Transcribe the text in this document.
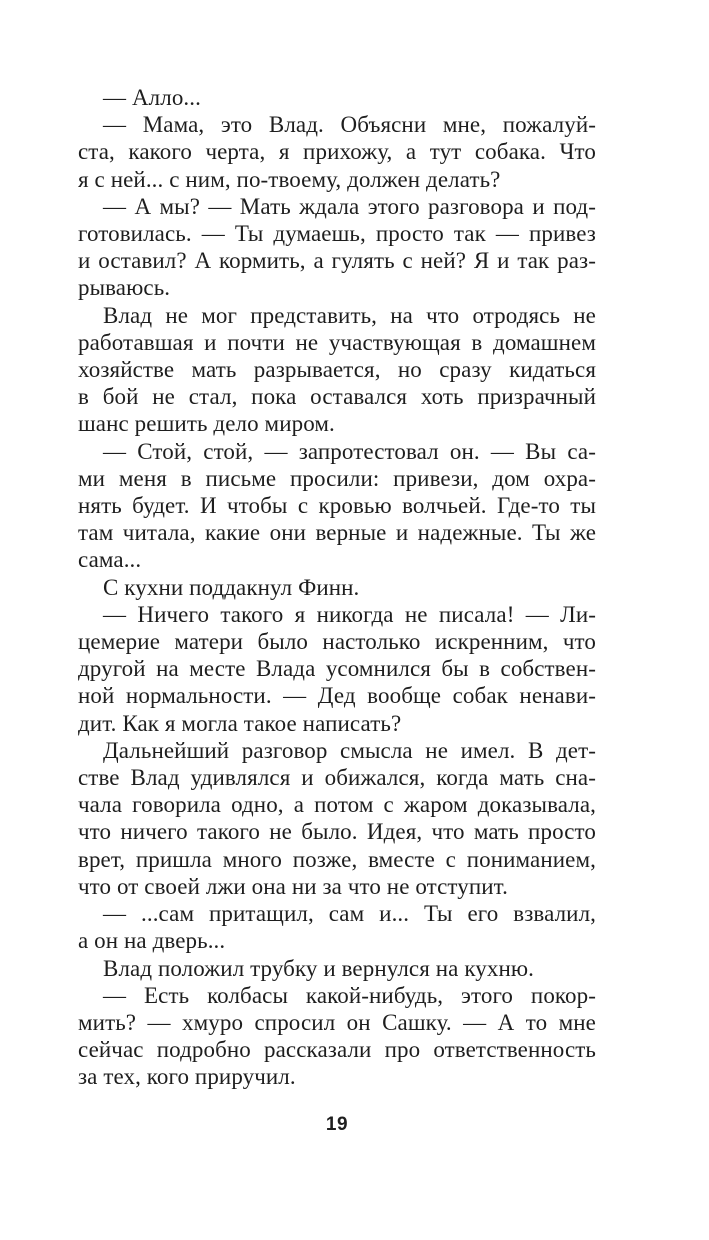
— Алло...

— Мама, это Влад. Объясни мне, пожалуй-
ста, какого черта, я прихожу, а тут собака. Что
я с ней... с ним, по-твоему, должен делать?

— А мы? — Мать ждала этого разговора и под-
готовилась. — Ты думаешь, просто так — привез
и оставил? А кормить, а гулять с ней? Я и так раз-
рываюсь.

Влад не мог представить, на что отродясь не
работавшая и почти не участвующая в домашнем
хозяйстве мать разрывается, но сразу кидаться
в бой не стал, пока оставался хоть призрачный
шанс решить дело миром.

— Стой, стой, — запротестовал он. — Вы са-
ми меня в письме просили: привези, дом охра-
нять будет. И чтобы с кровью волчьей. Где-то ты
там читала, какие они верные и надежные. Ты же
сама...

С кухни поддакнул Финн.

— Ничего такого я никогда не писала! — Ли-
цемерие матери было настолько искренним, что
другой на месте Влада усомнился бы в собствен-
ной нормальности. — Дед вообще собак ненави-
дит. Как я могла такое написать?

Дальнейший разговор смысла не имел. В дет-
стве Влад удивлялся и обижался, когда мать сна-
чала говорила одно, а потом с жаром доказывала,
что ничего такого не было. Идея, что мать просто
врет, пришла много позже, вместе с пониманием,
что от своей лжи она ни за что не отступит.

— ...сам притащил, сам и... Ты его взвалил,
а он на дверь...

Влад положил трубку и вернулся на кухню.

— Есть колбасы какой-нибудь, этого покор-
мить? — хмуро спросил он Сашку. — А то мне
сейчас подробно рассказали про ответственность
за тех, кого приручил.

19
